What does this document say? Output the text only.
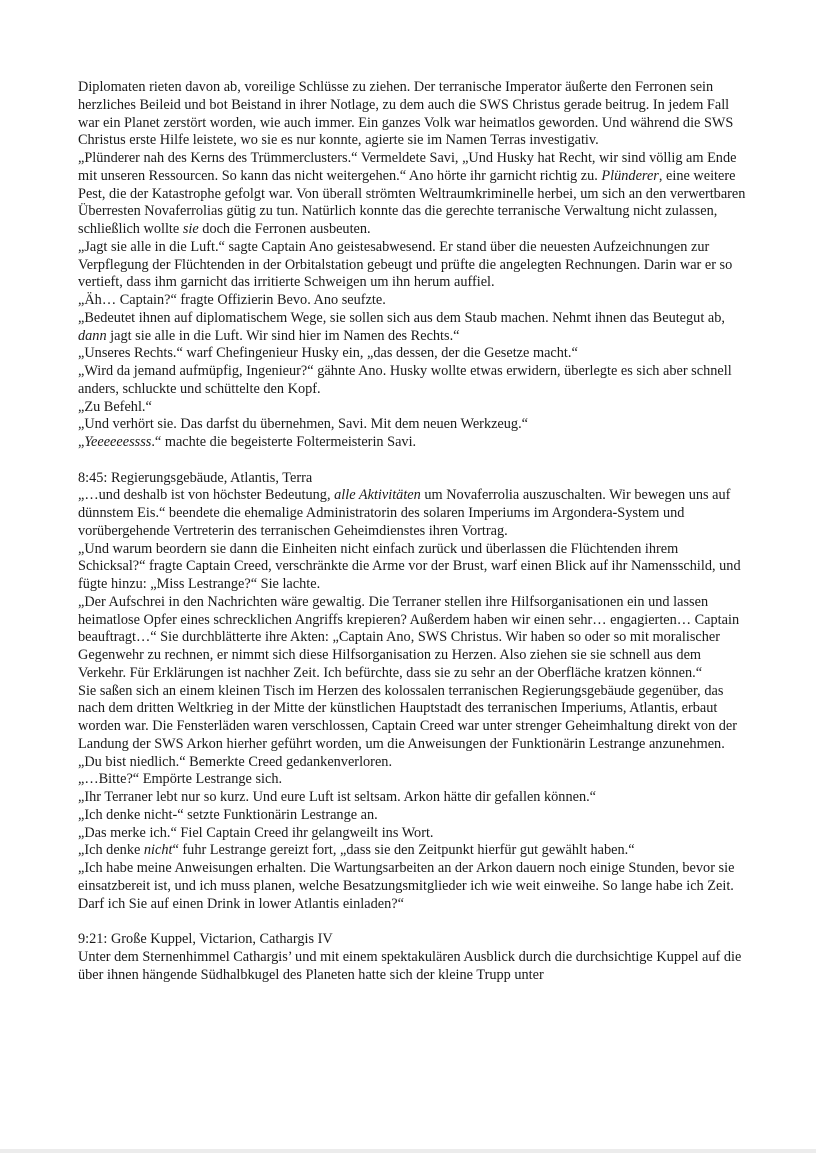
Diplomaten rieten davon ab, voreilige Schlüsse zu ziehen. Der terranische Imperator äußerte den Ferronen sein herzliches Beileid und bot Beistand in ihrer Notlage, zu dem auch die SWS Christus gerade beitrug. In jedem Fall war ein Planet zerstört worden, wie auch immer. Ein ganzes Volk war heimatlos geworden. Und während die SWS Christus erste Hilfe leistete, wo sie es nur konnte, agierte sie im Namen Terras investigativ.

„Plünderer nah des Kerns des Trümmerclusters.“ Vermeldete Savi, „Und Husky hat Recht, wir sind völlig am Ende mit unseren Ressourcen. So kann das nicht weitergehen.“ Ano hörte ihr garnicht richtig zu. Plünderer, eine weitere Pest, die der Katastrophe gefolgt war. Von überall strömten Weltraumkriminelle herbei, um sich an den verwertbaren Überresten Novaferrolias gütig zu tun. Natürlich konnte das die gerechte terranische Verwaltung nicht zulassen, schließlich wollte sie doch die Ferronen ausbeuten.

„Jagt sie alle in die Luft.“ sagte Captain Ano geistesabwesend. Er stand über die neuesten Aufzeichnungen zur Verpflegung der Flüchtenden in der Orbitalstation gebeugt und prüfte die angelegten Rechnungen. Darin war er so vertieft, dass ihm garnicht das irritierte Schweigen um ihn herum auffiel.

„Äh… Captain?“ fragte Offizierin Bevo. Ano seufzte.

„Bedeutet ihnen auf diplomatischem Wege, sie sollen sich aus dem Staub machen. Nehmt ihnen das Beutegut ab, dann jagt sie alle in die Luft. Wir sind hier im Namen des Rechts.“

„Unseres Rechts.“ warf Chefingenieur Husky ein, „das dessen, der die Gesetze macht.“

„Wird da jemand aufmüpfig, Ingenieur?“ gähnte Ano. Husky wollte etwas erwidern, überlegte es sich aber schnell anders, schluckte und schüttelte den Kopf.

„Zu Befehl.“

„Und verhört sie. Das darfst du übernehmen, Savi. Mit dem neuen Werkzeug.“

„Yeeeeeessss.“ machte die begeisterte Foltermeisterin Savi.

8:45: Regierungsgebäude, Atlantis, Terra

„…und deshalb ist von höchster Bedeutung, alle Aktivitäten um Novaferrolia auszuschalten. Wir bewegen uns auf dünnstem Eis.“ beendete die ehemalige Administratorin des solaren Imperiums im Argondera-System und vorübergehende Vertreterin des terranischen Geheimdienstes ihren Vortrag.

„Und warum beordern sie dann die Einheiten nicht einfach zurück und überlassen die Flüchtenden ihrem Schicksal?“ fragte Captain Creed, verschränkte die Arme vor der Brust, warf einen Blick auf ihr Namensschild, und fügte hinzu: „Miss Lestrange?“ Sie lachte.

„Der Aufschrei in den Nachrichten wäre gewaltig. Die Terraner stellen ihre Hilfsorganisationen ein und lassen heimatlose Opfer eines schrecklichen Angriffs krepieren? Außerdem haben wir einen sehr… engagierten… Captain beauftragt…“ Sie durchblätterte ihre Akten: „Captain Ano, SWS Christus. Wir haben so oder so mit moralischer Gegenwehr zu rechnen, er nimmt sich diese Hilfsorganisation zu Herzen. Also ziehen sie sie schnell aus dem Verkehr. Für Erklärungen ist nachher Zeit. Ich befürchte, dass sie zu sehr an der Oberfläche kratzen können.“

Sie saßen sich an einem kleinen Tisch im Herzen des kolossalen terranischen Regierungsgebäude gegenüber, das nach dem dritten Weltkrieg in der Mitte der künstlichen Hauptstadt des terranischen Imperiums, Atlantis, erbaut worden war. Die Fensterläden waren verschlossen, Captain Creed war unter strenger Geheimhaltung direkt von der Landung der SWS Arkon hierher geführt worden, um die Anweisungen der Funktionärin Lestrange anzunehmen.

„Du bist niedlich.“ Bemerkte Creed gedankenverloren.

„…Bitte?“ Empörte Lestrange sich.

„Ihr Terraner lebt nur so kurz. Und eure Luft ist seltsam. Arkon hätte dir gefallen können.“

„Ich denke nicht-“ setzte Funktionärin Lestrange an.

„Das merke ich.“ Fiel Captain Creed ihr gelangweilt ins Wort.

„Ich denke nicht“ fuhr Lestrange gereizt fort, „dass sie den Zeitpunkt hierfür gut gewählt haben.“

„Ich habe meine Anweisungen erhalten. Die Wartungsarbeiten an der Arkon dauern noch einige Stunden, bevor sie einsatzbereit ist, und ich muss planen, welche Besatzungsmitglieder ich wie weit einweihe. So lange habe ich Zeit. Darf ich Sie auf einen Drink in lower Atlantis einladen?“

9:21: Große Kuppel, Victarion, Cathargis IV

Unter dem Sternenhimmel Cathargis’ und mit einem spektakulären Ausblick durch die durchsichtige Kuppel auf die über ihnen hängende Südhalbkugel des Planeten hatte sich der kleine Trupp unter
